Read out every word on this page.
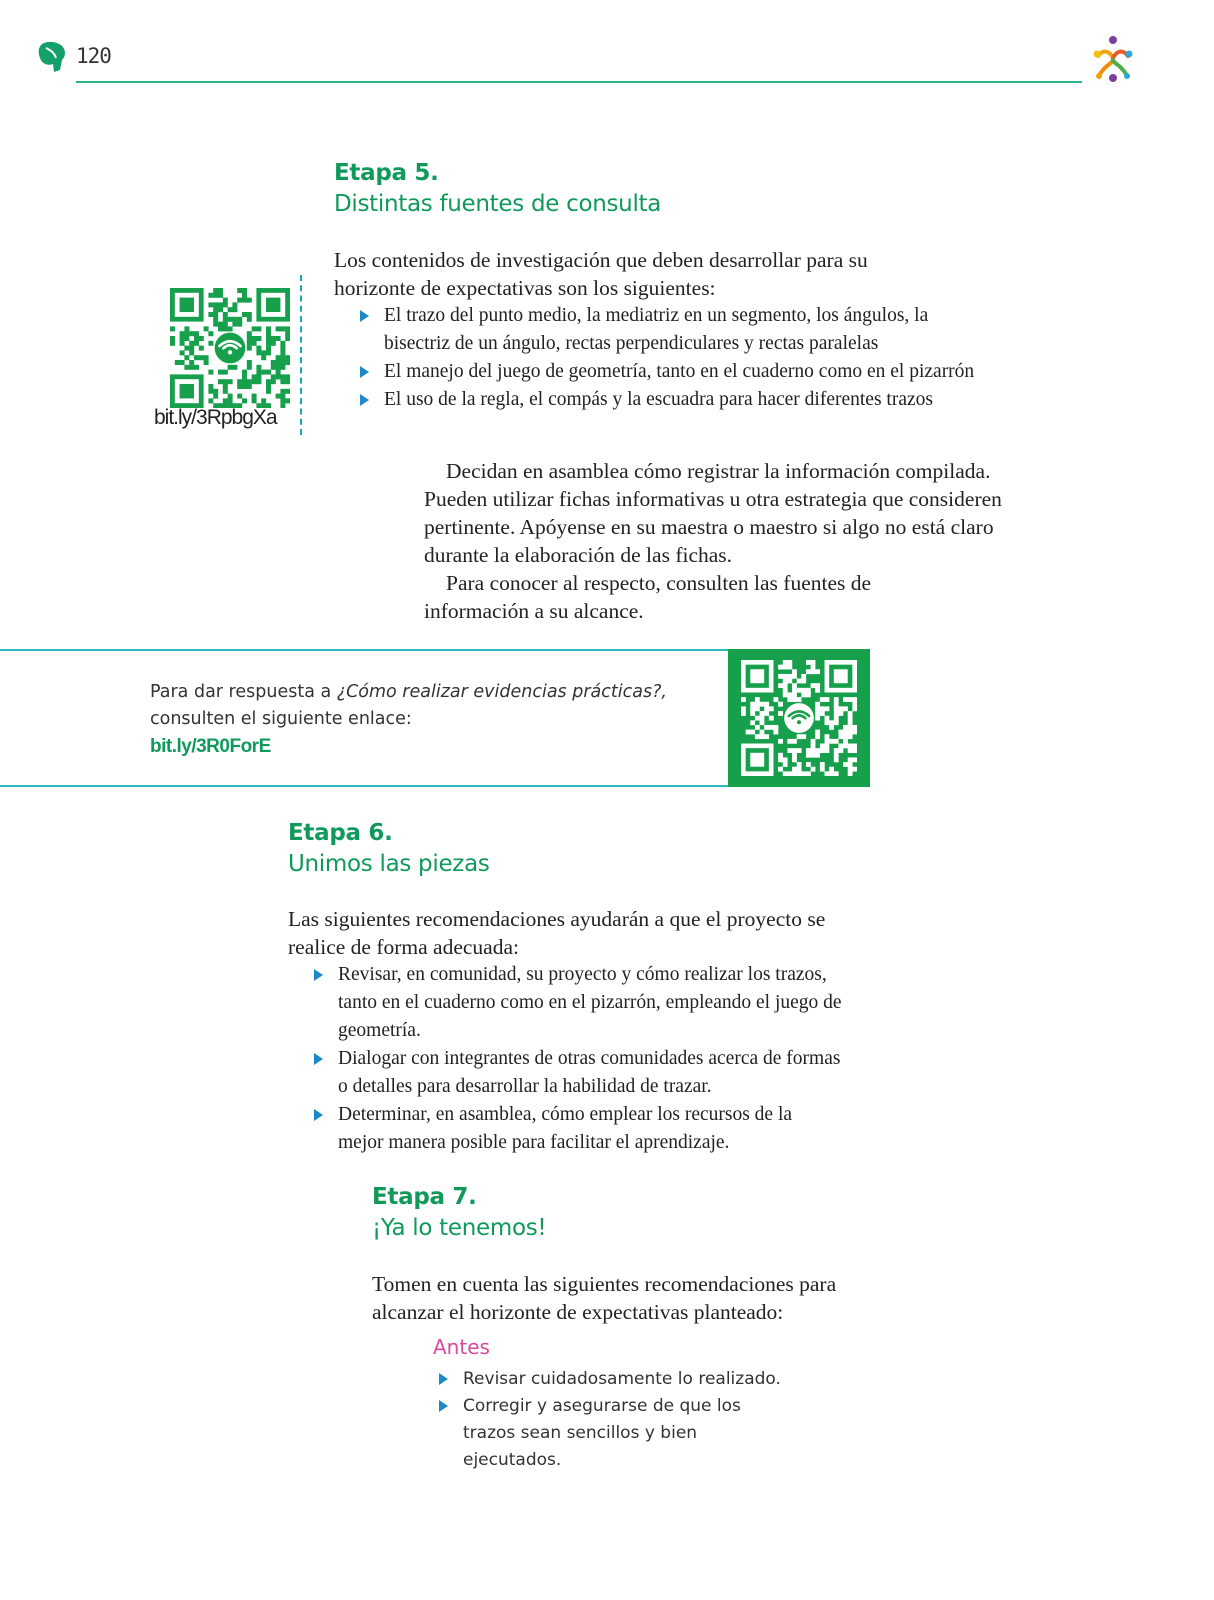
120
Etapa 5.
Distintas fuentes de consulta
Los contenidos de investigación que deben desarrollar para su horizonte de expectativas son los siguientes:
El trazo del punto medio, la mediatriz en un segmento, los ángulos, la bisectriz de un ángulo, rectas perpendiculares y rectas paralelas
El manejo del juego de geometría, tanto en el cuaderno como en el pizarrón
El uso de la regla, el compás y la escuadra para hacer diferentes trazos
bit.ly/3RpbgXa

Decidan en asamblea cómo registrar la información compilada. Pueden utilizar fichas informativas u otra estrategia que consideren pertinente. Apóyense en su maestra o maestro si algo no está claro durante la elaboración de las fichas.

Para conocer al respecto, consulten las fuentes de información a su alcance.

Para dar respuesta a ¿Cómo realizar evidencias prácticas?,
consulten el siguiente enlace:
bit.ly/3R0ForE
Etapa 6.
Unimos las piezas
Las siguientes recomendaciones ayudarán a que el proyecto se realice de forma adecuada:
Revisar, en comunidad, su proyecto y cómo realizar los trazos, tanto en el cuaderno como en el pizarrón, empleando el juego de geometría.
Dialogar con integrantes de otras comunidades acerca de formas o detalles para desarrollar la habilidad de trazar.
Determinar, en asamblea, cómo emplear los recursos de la mejor manera posible para facilitar el aprendizaje.
Etapa 7.
¡Ya lo tenemos!
Tomen en cuenta las siguientes recomendaciones para alcanzar el horizonte de expectativas planteado:
Antes
Revisar cuidadosamente lo realizado.
Corregir y asegurarse de que los trazos sean sencillos y bien ejecutados.
